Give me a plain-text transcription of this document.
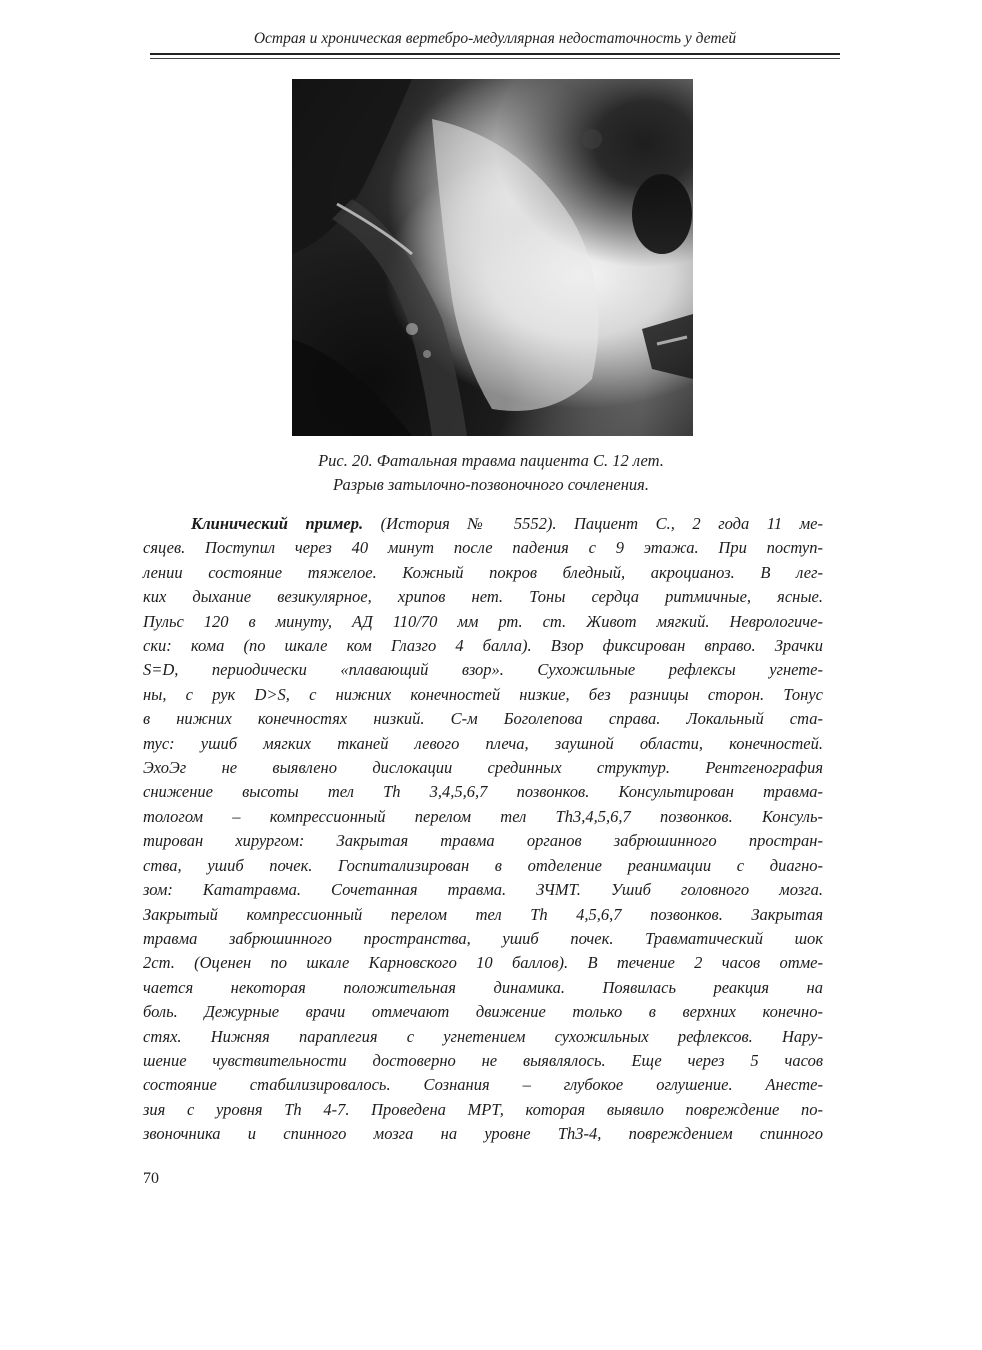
Острая и хроническая вертебро-медуллярная недостаточность у детей
Рис. 20. Фатальная травма пациента С. 12 лет.
Разрыв затылочно-позвоночного сочленения.
Клинический пример. (История № 5552). Пациент С., 2 года 11 ме-
сяцев. Поступил через 40 минут после падения с 9 этажа. При поступ-
лении состояние тяжелое. Кожный покров бледный, акроцианоз. В лег-
ких дыхание везикулярное, хрипов нет. Тоны сердца ритмичные, ясные.
Пульс 120 в минуту, АД 110/70 мм рт. ст. Живот мягкий. Неврологиче-
ски: кома (по шкале ком Глазго 4 балла). Взор фиксирован вправо. Зрачки
S=D, периодически «плавающий взор». Сухожильные рефлексы угнете-
ны, с рук D>S, с нижних конечностей низкие, без разницы сторон. Тонус
в нижних конечностях низкий. С-м Боголепова справа. Локальный ста-
тус: ушиб мягких тканей левого плеча, заушной области, конечностей.
ЭхоЭг не выявлено дислокации срединных структур. Рентгенография
снижение высоты тел Th 3,4,5,6,7 позвонков. Консультирован травма-
тологом – компрессионный перелом тел Th3,4,5,6,7 позвонков. Консуль-
тирован хирургом: Закрытая травма органов забрюшинного простран-
ства, ушиб почек. Госпитализирован в отделение реанимации с диагно-
зом: Кататравма. Сочетанная травма. ЗЧМТ. Ушиб головного мозга.
Закрытый компрессионный перелом тел Th 4,5,6,7 позвонков. Закрытая
травма забрюшинного пространства, ушиб почек. Травматический шок
2ст. (Оценен по шкале Карновского 10 баллов). В течение 2 часов отме-
чается некоторая положительная динамика. Появилась реакция на
боль. Дежурные врачи отмечают движение только в верхних конечно-
стях. Нижняя параплегия с угнетением сухожильных рефлексов. Нару-
шение чувствительности достоверно не выявлялось. Еще через 5 часов
состояние стабилизировалось. Сознания – глубокое оглушение. Анесте-
зия с уровня Th 4-7. Проведена МРТ, которая выявило повреждение по-
звоночника и спинного мозга на уровне Th3-4, повреждением спинного
70
